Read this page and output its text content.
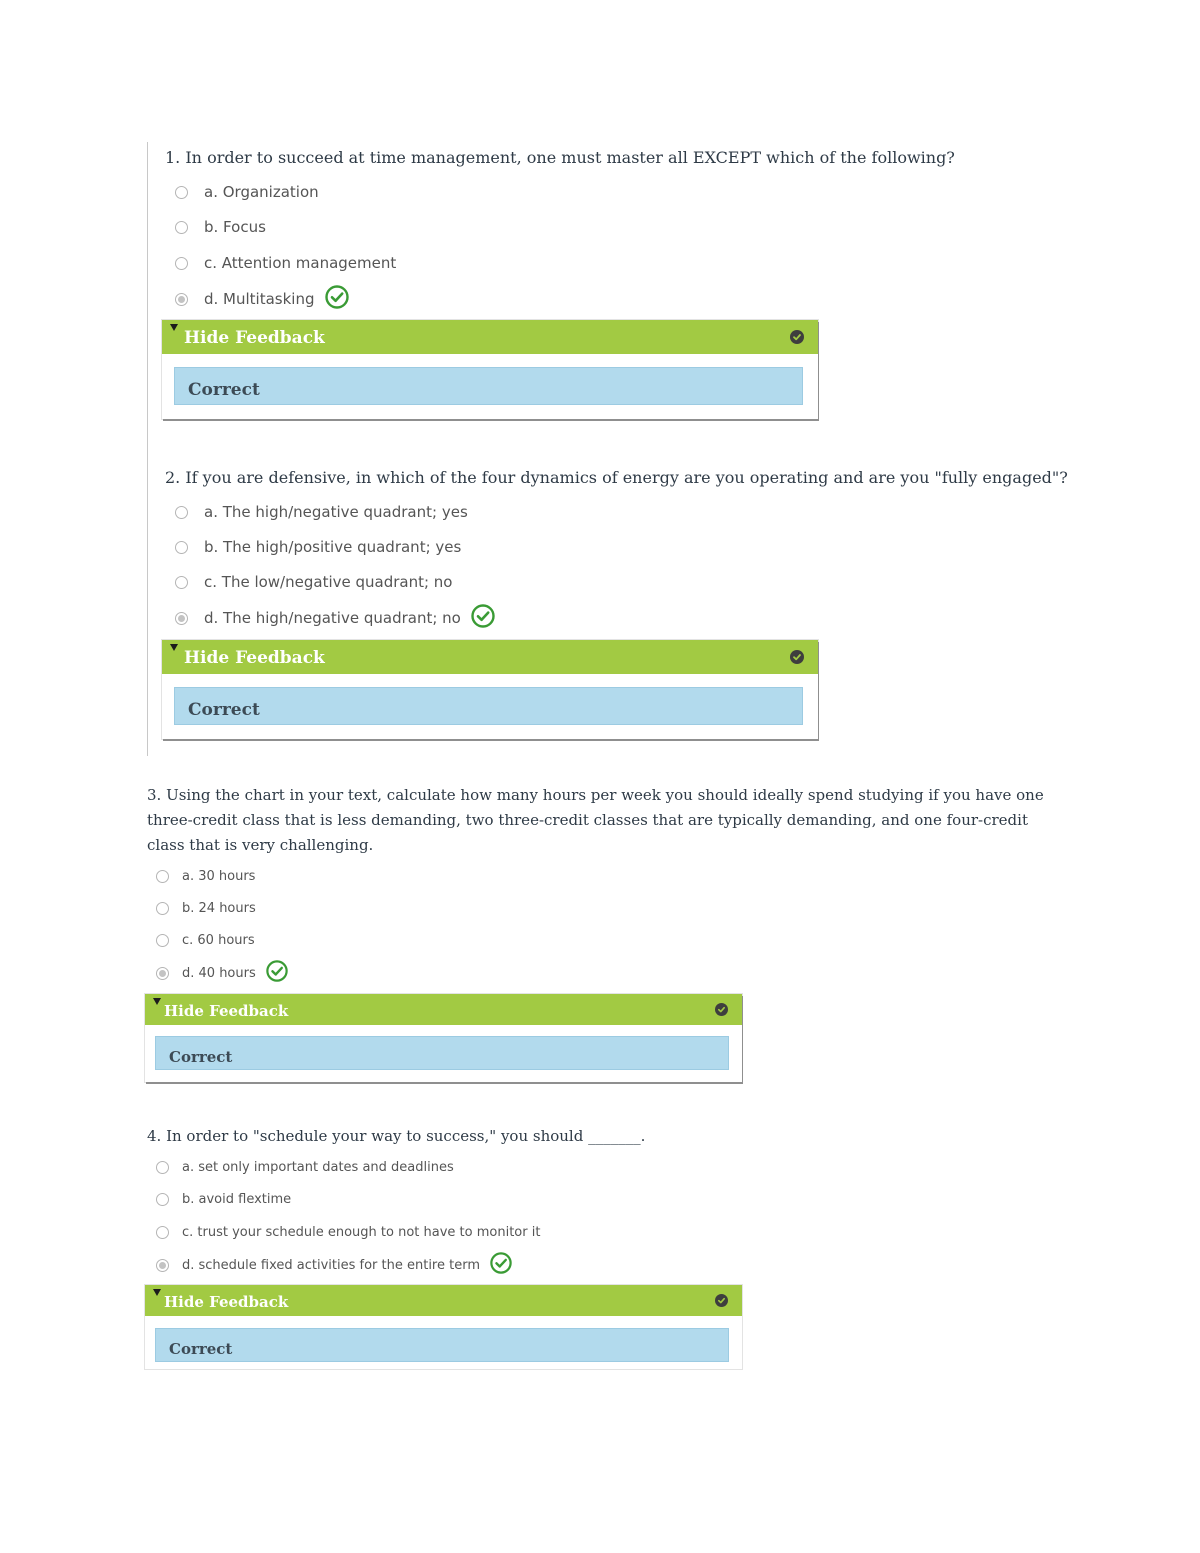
1. In order to succeed at time management, one must master all EXCEPT which of the following?

a. Organization
b. Focus
c. Attention management
d. Multitasking
Hide Feedback
Correct

2. If you are defensive, in which of the four dynamics of energy are you operating and are you "fully engaged"?

a. The high/negative quadrant; yes
b. The high/positive quadrant; yes
c. The low/negative quadrant; no
d. The high/negative quadrant; no
Hide Feedback
Correct

3. Using the chart in your text, calculate how many hours per week you should ideally spend studying if you have one three-credit class that is less demanding, two three-credit classes that are typically demanding, and one four-credit class that is very challenging.

a. 30 hours
b. 24 hours
c. 60 hours
d. 40 hours
Hide Feedback
Correct

4. In order to "schedule your way to success," you should _______.

a. set only important dates and deadlines
b. avoid flextime
c. trust your schedule enough to not have to monitor it
d. schedule fixed activities for the entire term
Hide Feedback
Correct
